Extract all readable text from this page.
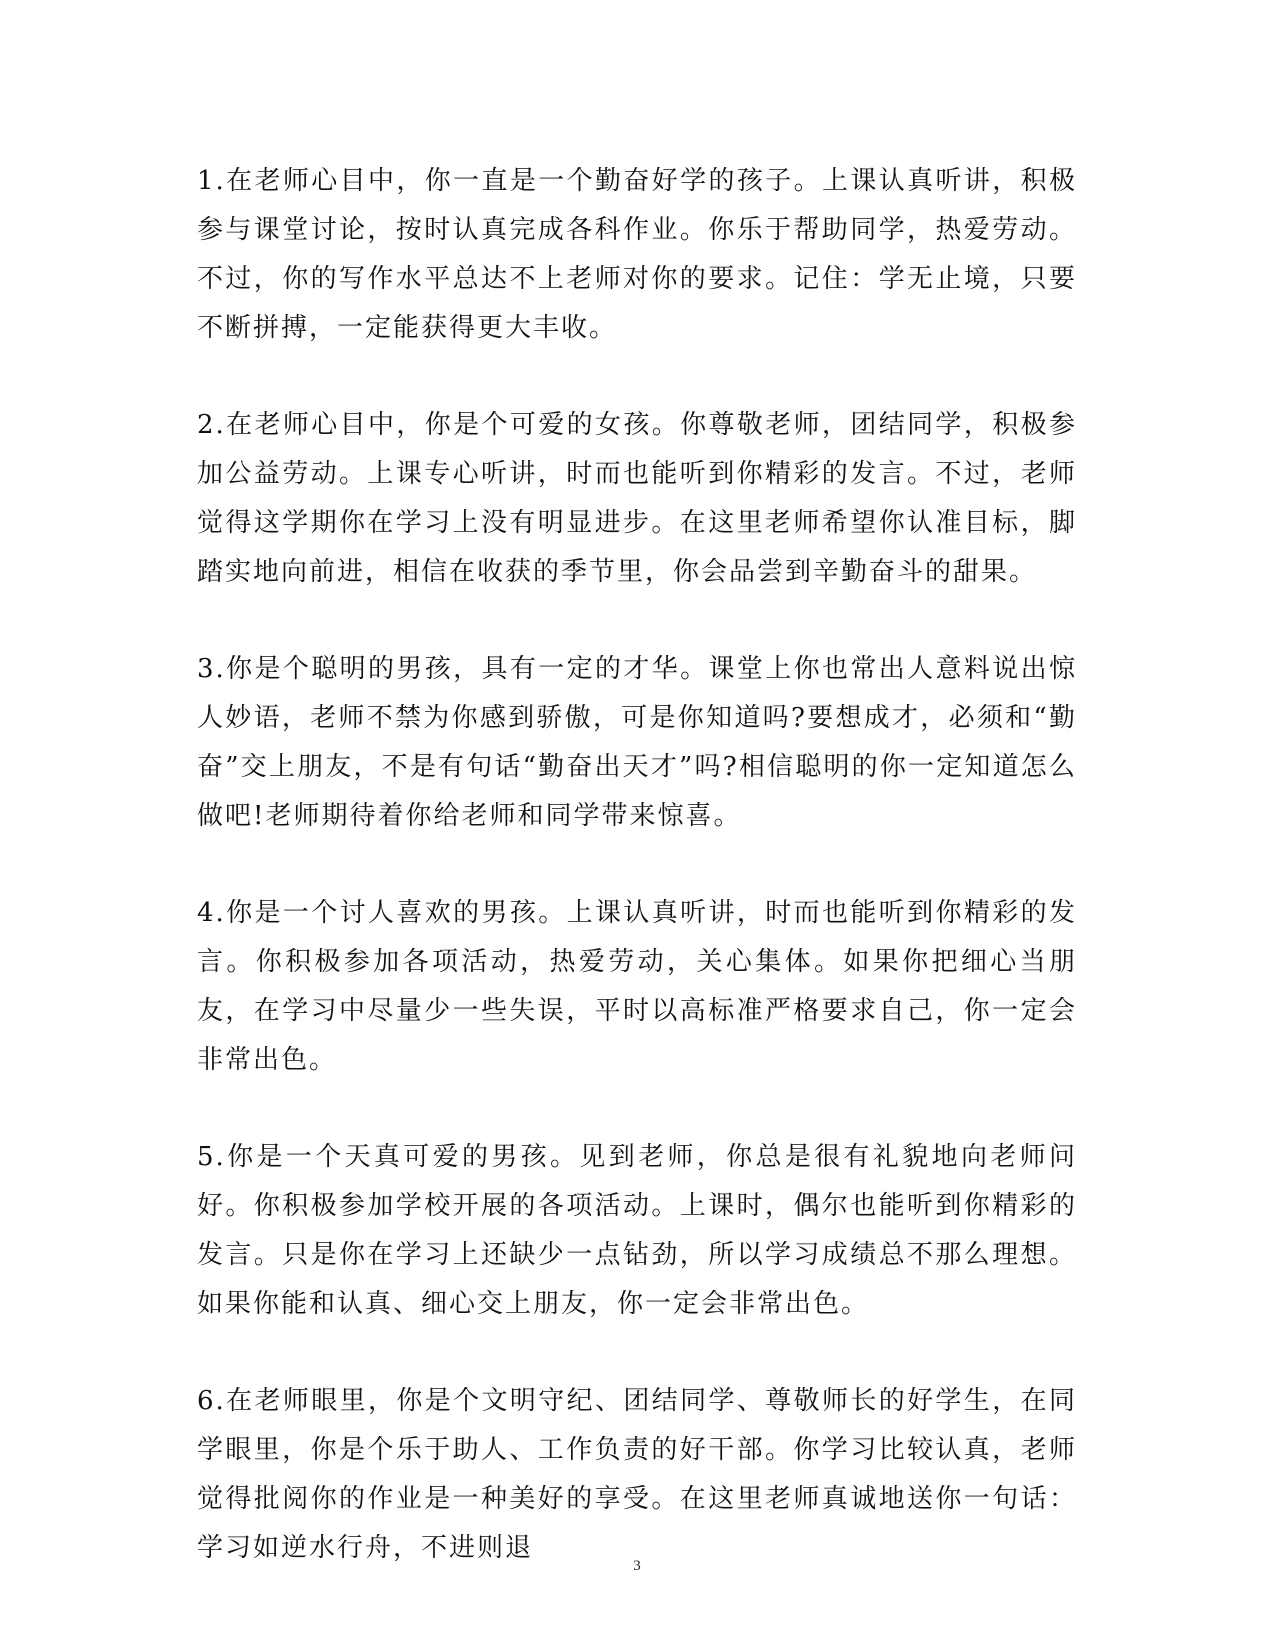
1.在老师心目中，你一直是一个勤奋好学的孩子。上课认真听讲，积极参与课堂讨论，按时认真完成各科作业。你乐于帮助同学，热爱劳动。不过，你的写作水平总达不上老师对你的要求。记住：学无止境，只要不断拼搏，一定能获得更大丰收。

2.在老师心目中，你是个可爱的女孩。你尊敬老师，团结同学，积极参加公益劳动。上课专心听讲，时而也能听到你精彩的发言。不过，老师觉得这学期你在学习上没有明显进步。在这里老师希望你认准目标，脚踏实地向前进，相信在收获的季节里，你会品尝到辛勤奋斗的甜果。

3.你是个聪明的男孩，具有一定的才华。课堂上你也常出人意料说出惊人妙语，老师不禁为你感到骄傲，可是你知道吗?要想成才，必须和“勤奋”交上朋友，不是有句话“勤奋出天才”吗?相信聪明的你一定知道怎么做吧!老师期待着你给老师和同学带来惊喜。

4.你是一个讨人喜欢的男孩。上课认真听讲，时而也能听到你精彩的发言。你积极参加各项活动，热爱劳动，关心集体。如果你把细心当朋友，在学习中尽量少一些失误，平时以高标准严格要求自己，你一定会非常出色。

5.你是一个天真可爱的男孩。见到老师，你总是很有礼貌地向老师问好。你积极参加学校开展的各项活动。上课时，偶尔也能听到你精彩的发言。只是你在学习上还缺少一点钻劲，所以学习成绩总不那么理想。如果你能和认真、细心交上朋友，你一定会非常出色。

6.在老师眼里，你是个文明守纪、团结同学、尊敬师长的好学生，在同学眼里，你是个乐于助人、工作负责的好干部。你学习比较认真，老师觉得批阅你的作业是一种美好的享受。在这里老师真诚地送你一句话：学习如逆水行舟，不进则退

3
